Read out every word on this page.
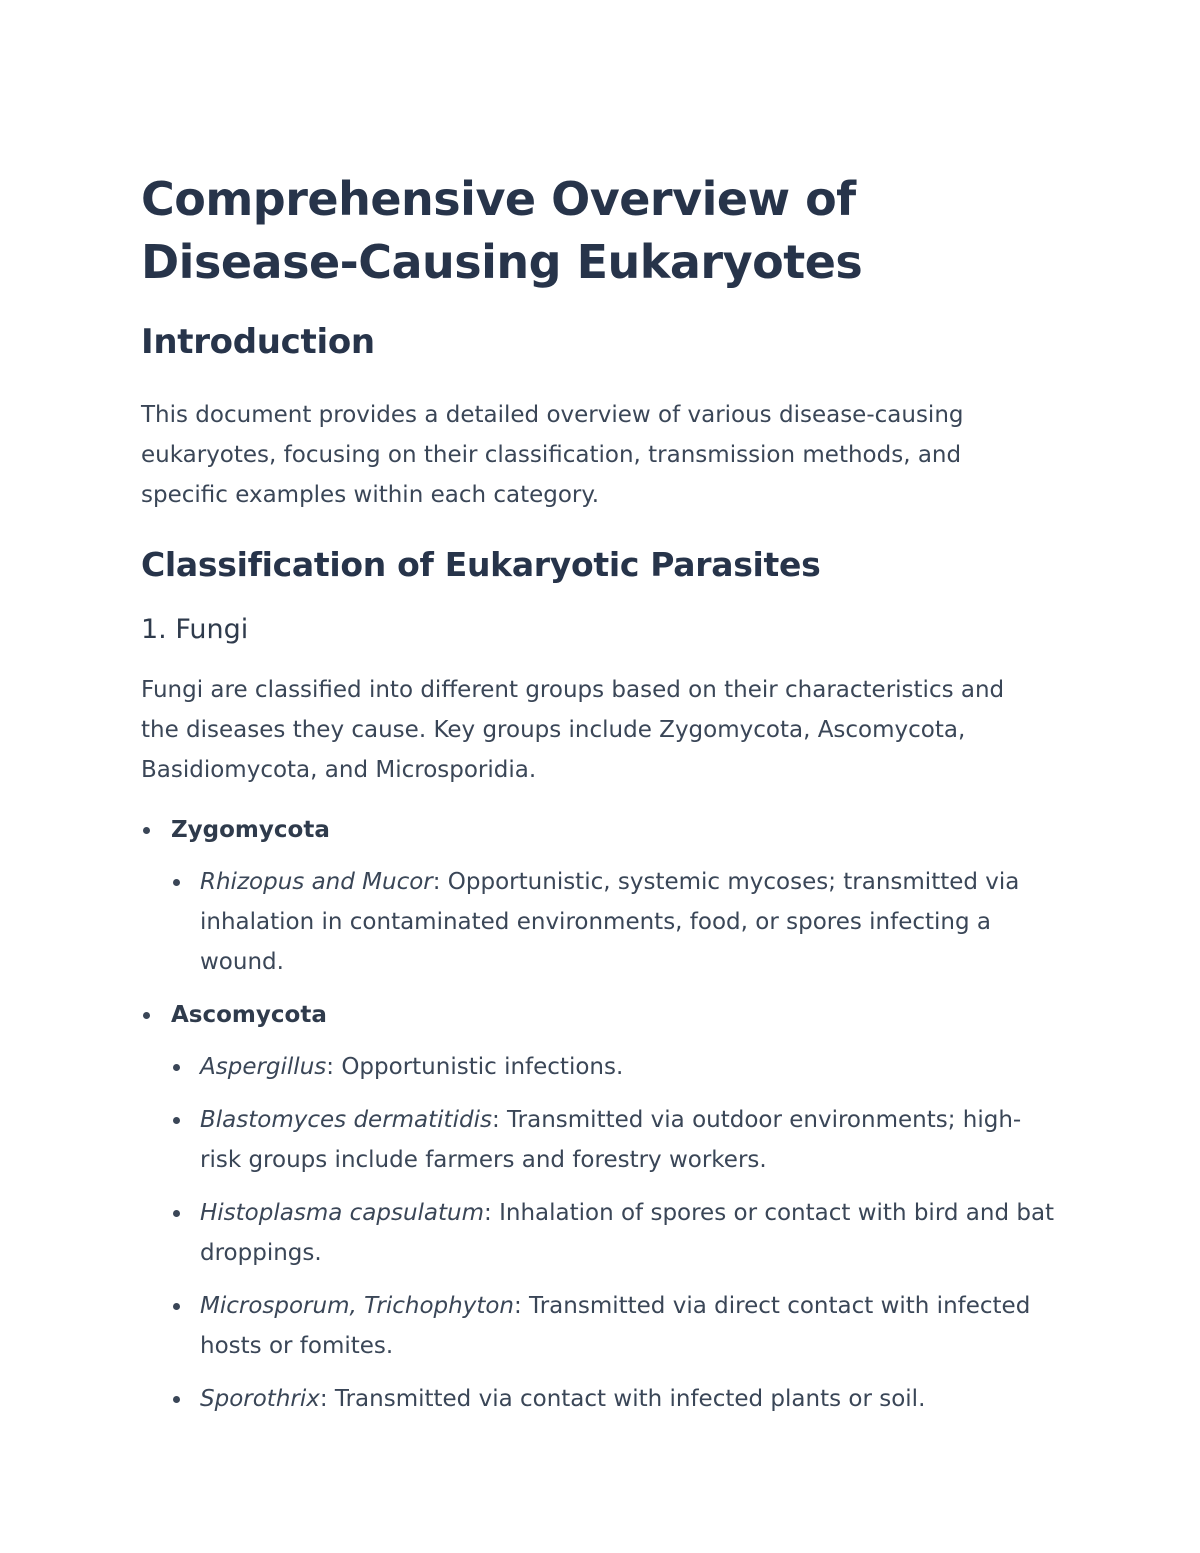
Comprehensive Overview of Disease-Causing Eukaryotes
Introduction

This document provides a detailed overview of various disease-causing eukaryotes, focusing on their classification, transmission methods, and specific examples within each category.

Classification of Eukaryotic Parasites
1. Fungi

Fungi are classified into different groups based on their characteristics and the diseases they cause. Key groups include Zygomycota, Ascomycota, Basidiomycota, and Microsporidia.

Zygomycota
Rhizopus and Mucor: Opportunistic, systemic mycoses; transmitted via inhalation in contaminated environments, food, or spores infecting a wound.
Ascomycota
Aspergillus: Opportunistic infections.
Blastomyces dermatitidis: Transmitted via outdoor environments; high-risk groups include farmers and forestry workers.
Histoplasma capsulatum: Inhalation of spores or contact with bird and bat droppings.
Microsporum, Trichophyton: Transmitted via direct contact with infected hosts or fomites.
Sporothrix: Transmitted via contact with infected plants or soil.
